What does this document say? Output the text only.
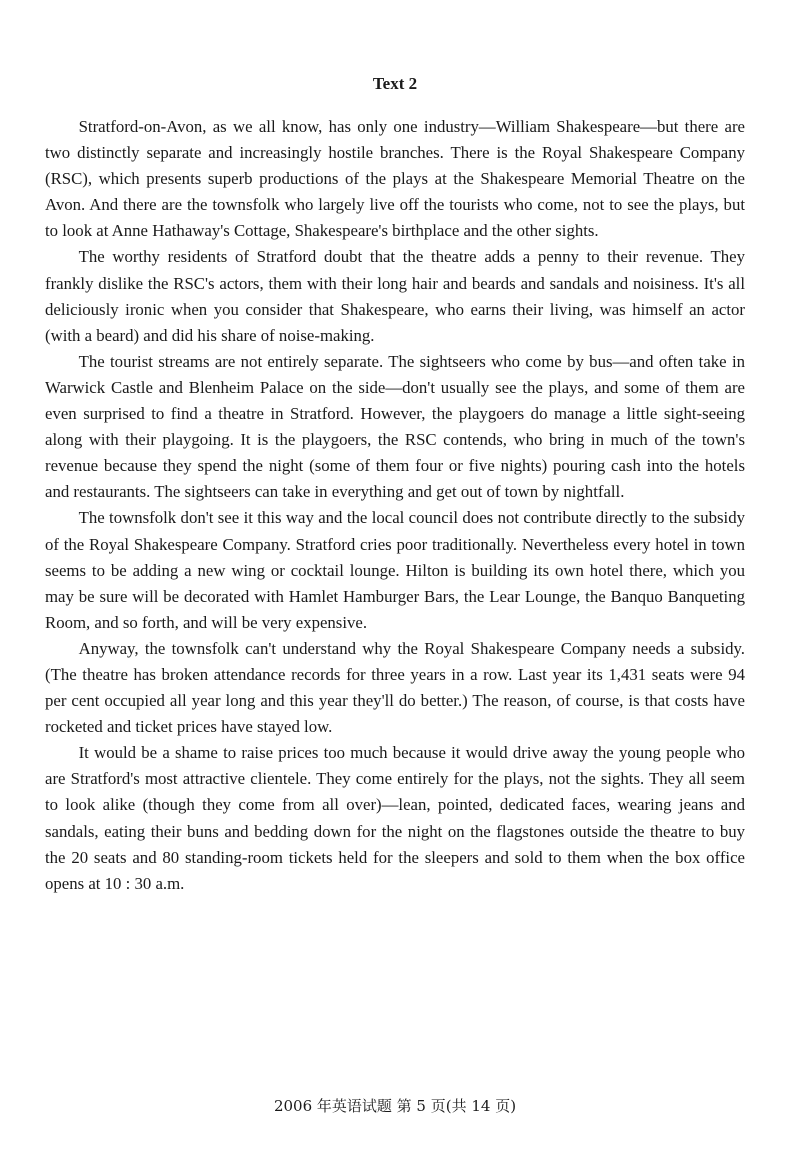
Text 2

Stratford-on-Avon, as we all know, has only one industry—William Shakespeare—but there are two distinctly separate and increasingly hostile branches. There is the Royal Shakespeare Company (RSC), which presents superb productions of the plays at the Shakespeare Memorial Theatre on the Avon. And there are the townsfolk who largely live off the tourists who come, not to see the plays, but to look at Anne Hathaway's Cottage, Shakespeare's birthplace and the other sights.

The worthy residents of Stratford doubt that the theatre adds a penny to their revenue. They frankly dislike the RSC's actors, them with their long hair and beards and sandals and noisiness. It's all deliciously ironic when you consider that Shakespeare, who earns their living, was himself an actor (with a beard) and did his share of noise-making.

The tourist streams are not entirely separate. The sightseers who come by bus—and often take in Warwick Castle and Blenheim Palace on the side—don't usually see the plays, and some of them are even surprised to find a theatre in Stratford. However, the playgoers do manage a little sight-seeing along with their playgoing. It is the playgoers, the RSC contends, who bring in much of the town's revenue because they spend the night (some of them four or five nights) pouring cash into the hotels and restaurants. The sightseers can take in everything and get out of town by nightfall.

The townsfolk don't see it this way and the local council does not contribute directly to the subsidy of the Royal Shakespeare Company. Stratford cries poor traditionally. Nevertheless every hotel in town seems to be adding a new wing or cocktail lounge. Hilton is building its own hotel there, which you may be sure will be decorated with Hamlet Hamburger Bars, the Lear Lounge, the Banquo Banqueting Room, and so forth, and will be very expensive.

Anyway, the townsfolk can't understand why the Royal Shakespeare Company needs a subsidy. (The theatre has broken attendance records for three years in a row. Last year its 1,431 seats were 94 per cent occupied all year long and this year they'll do better.) The reason, of course, is that costs have rocketed and ticket prices have stayed low.

It would be a shame to raise prices too much because it would drive away the young people who are Stratford's most attractive clientele. They come entirely for the plays, not the sights. They all seem to look alike (though they come from all over)—lean, pointed, dedicated faces, wearing jeans and sandals, eating their buns and bedding down for the night on the flagstones outside the theatre to buy the 20 seats and 80 standing-room tickets held for the sleepers and sold to them when the box office opens at 10 : 30 a.m.

2006 年英语试题 第 5 页(共 14 页)
